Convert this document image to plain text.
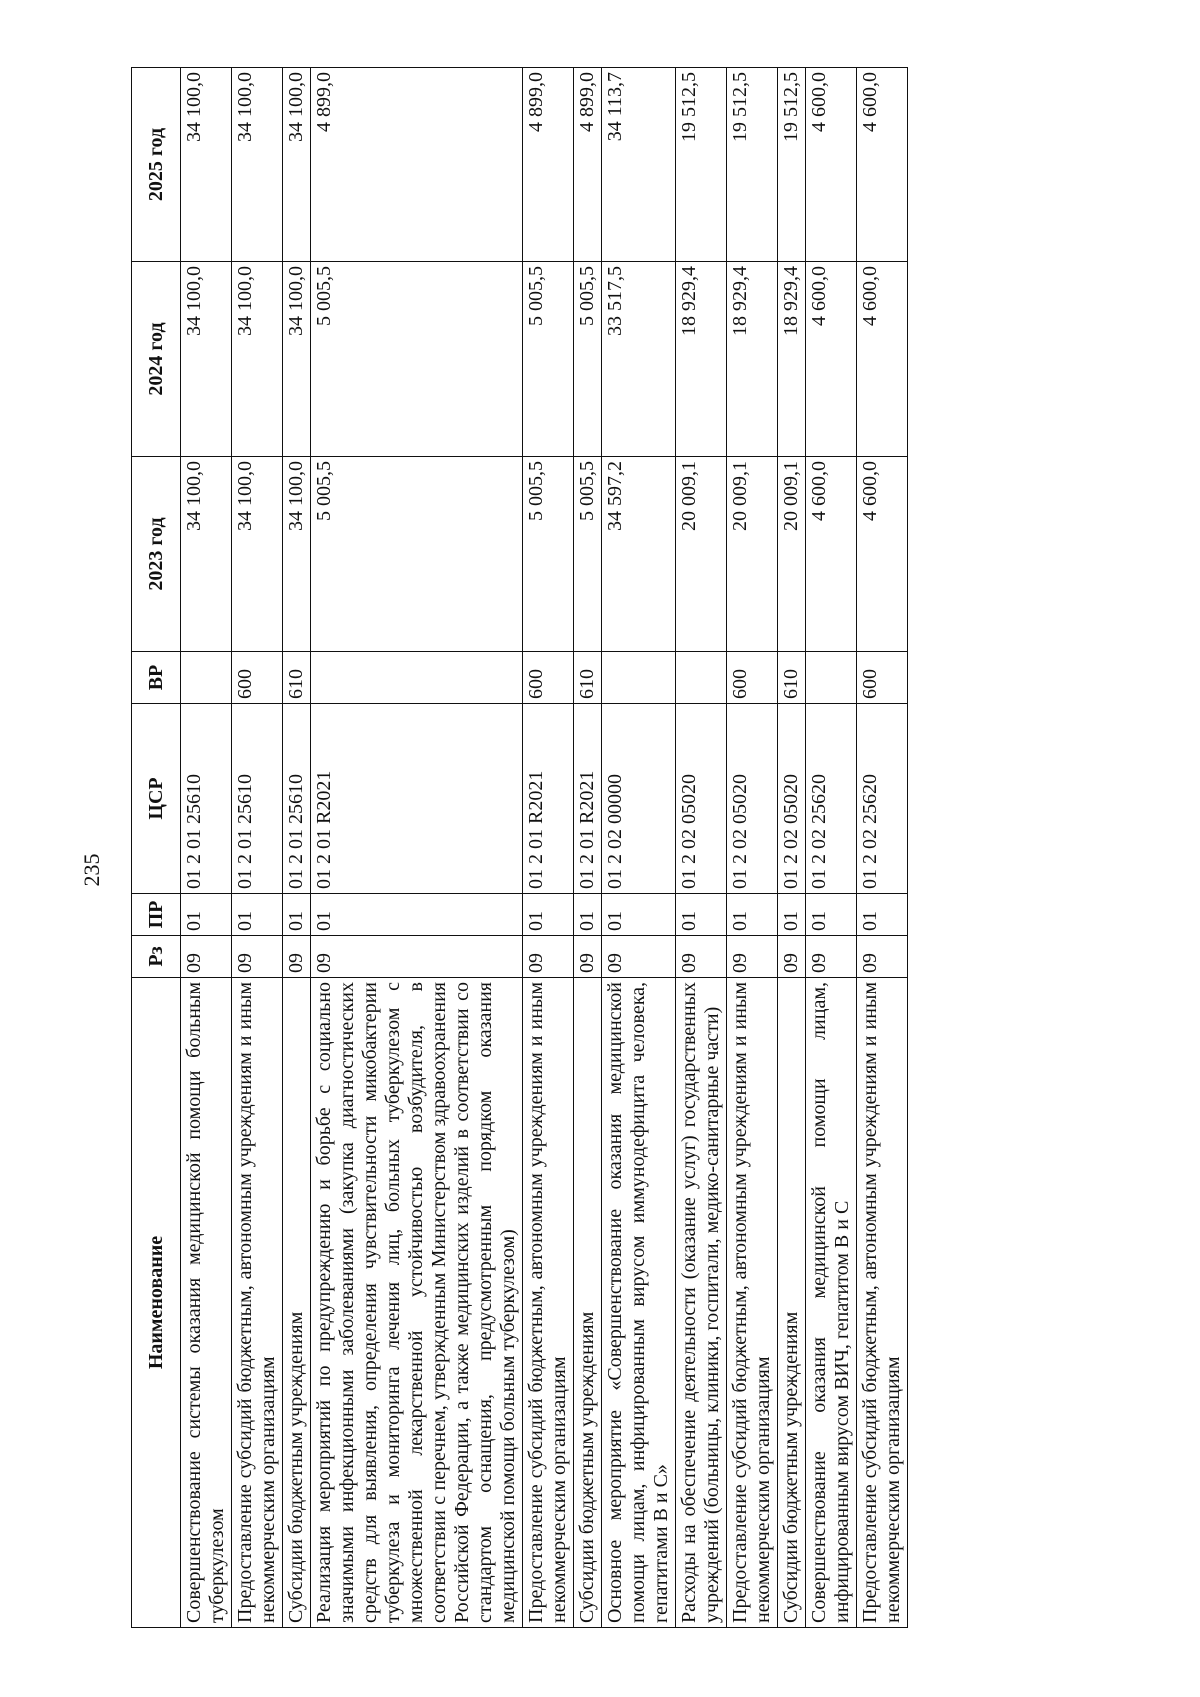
235
Наименование	Рз	ПР	ЦСР	ВР	2023 год	2024 год	2025 год
Совершенствование системы оказания медицинской помощи больным туберкулезом	09	01	01 2 01 25610		34 100,0	34 100,0	34 100,0
Предоставление субсидий бюджетным, автономным учреждениям и иным некоммерческим организациям	09	01	01 2 01 25610	600	34 100,0	34 100,0	34 100,0
Субсидии бюджетным учреждениям	09	01	01 2 01 25610	610	34 100,0	34 100,0	34 100,0
Реализация мероприятий по предупреждению и борьбе с социально значимыми инфекционными заболеваниями (закупка диагностических средств для выявления, определения чувствительности микобактерии туберкулеза и мониторинга лечения лиц, больных туберкулезом с множественной лекарственной устойчивостью возбудителя, в соответствии с перечнем, утвержденным Министерством здравоохранения Российской Федерации, а также медицинских изделий в соответствии со стандартом оснащения, предусмотренным порядком оказания медицинской помощи больным туберкулезом)	09	01	01 2 01 R2021		5 005,5	5 005,5	4 899,0
Предоставление субсидий бюджетным, автономным учреждениям и иным некоммерческим организациям	09	01	01 2 01 R2021	600	5 005,5	5 005,5	4 899,0
Субсидии бюджетным учреждениям	09	01	01 2 01 R2021	610	5 005,5	5 005,5	4 899,0
Основное мероприятие «Совершенствование оказания медицинской помощи лицам, инфицированным вирусом иммунодефицита человека, гепатитами В и С»	09	01	01 2 02 00000		34 597,2	33 517,5	34 113,7
Расходы на обеспечение деятельности (оказание услуг) государственных учреждений (больницы, клиники, госпитали, медико-санитарные части)	09	01	01 2 02 05020		20 009,1	18 929,4	19 512,5
Предоставление субсидий бюджетным, автономным учреждениям и иным некоммерческим организациям	09	01	01 2 02 05020	600	20 009,1	18 929,4	19 512,5
Субсидии бюджетным учреждениям	09	01	01 2 02 05020	610	20 009,1	18 929,4	19 512,5
Совершенствование оказания медицинской помощи лицам, инфицированным вирусом ВИЧ, гепатитом В и С	09	01	01 2 02 25620		4 600,0	4 600,0	4 600,0
Предоставление субсидий бюджетным, автономным учреждениям и иным некоммерческим организациям	09	01	01 2 02 25620	600	4 600,0	4 600,0	4 600,0
